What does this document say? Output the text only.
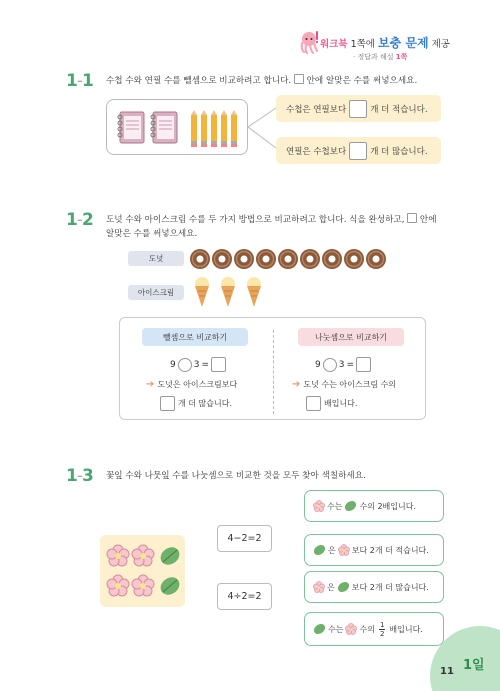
워크북 1쪽에 보충 문제 제공
· 정답과 해설 1쪽
1-1 수첩 수와 연필 수를 뺄셈으로 비교하려고 합니다. 안에 알맞은 수를 써넣으세요.
수첩은 연필보다	개 더 적습니다.
연필은 수첩보다	개 더 많습니다.
1-2 도넛 수와 아이스크림 수를 두 가지 방법으로 비교하려고 합니다. 식을 완성하고, 안에
알맞은 수를 써넣으세요.
도넛
아이스크림
뺄셈으로 비교하기	나눗셈으로 비교하기
9 3 =
➔ 도넛은 아이스크림보다
개 더 많습니다.
9 3 =
➔ 도넛 수는 아이스크림 수의
배입니다.
1-3 꽃잎 수와 나뭇잎 수를 나눗셈으로 비교한 것을 모두 찾아 색칠하세요.
4−2=2
4÷2=2
수는 수의 2배입니다.
은 보다 2개 더 적습니다.
은 보다 2개 더 많습니다.
수는 수의 $\frac{1}{2}$ 배입니다.
1일
11
